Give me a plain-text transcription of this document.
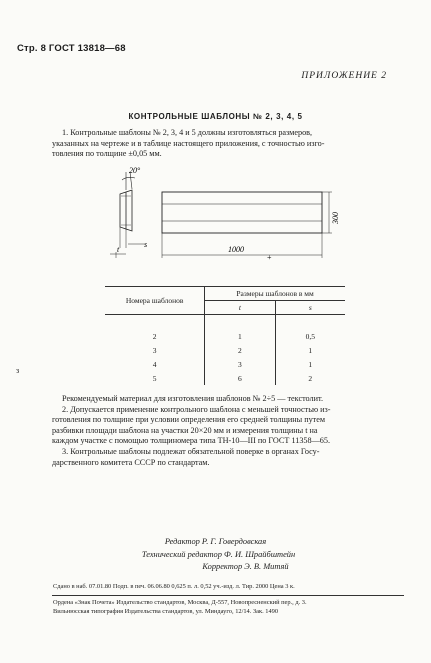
Стр. 8 ГОСТ 13818—68
ПРИЛОЖЕНИЕ 2
КОНТРОЛЬНЫЕ ШАБЛОНЫ № 2, 3, 4, 5
1. Контрольные шаблоны № 2, 3, 4 и 5 должны изготовляться размеров,
указанных на чертеже и в таблице настоящего приложения, с точностью изго-
товления по толщине ±0,05 мм.
20°
s
t
300
1000
+
Номера шаблонов	Размеры шаблонов в мм	
	t	s

2	1	0,5
3	2	1
4	3	1
5	6	2
з
Рекомендуемый материал для изготовления шаблонов № 2÷5 — текстолит.
2. Допускается применение контрольного шаблона с меньшей точностью из-
готовления по толщине при условии определения его средней толщины путем
разбивки площади шаблона на участки 20×20 мм и измерения толщины t на
каждом участке с помощью толщиномера типа ТН-10—III по ГОСТ 11358—65.
3. Контрольные шаблоны подлежат обязательной поверке в органах Госу-
дарственного комитета СССР по стандартам.
Редактор Р. Г. Говердовская
Технический редактор Ф. И. Шрайбштейн
Корректор Э. В. Митяй
Сдано в наб. 07.01.80 Подп. в печ. 06.06.80 0,625 п. л. 0,52 уч.-изд. л. Тир. 2000 Цена 3 к.
Ордена «Знак Почета» Издательство стандартов, Москва, Д-557, Новопресненский пер., д. 3.
Вильнюсская типография Издательства стандартов, ул. Миндауго, 12/14. Зак. 1490
